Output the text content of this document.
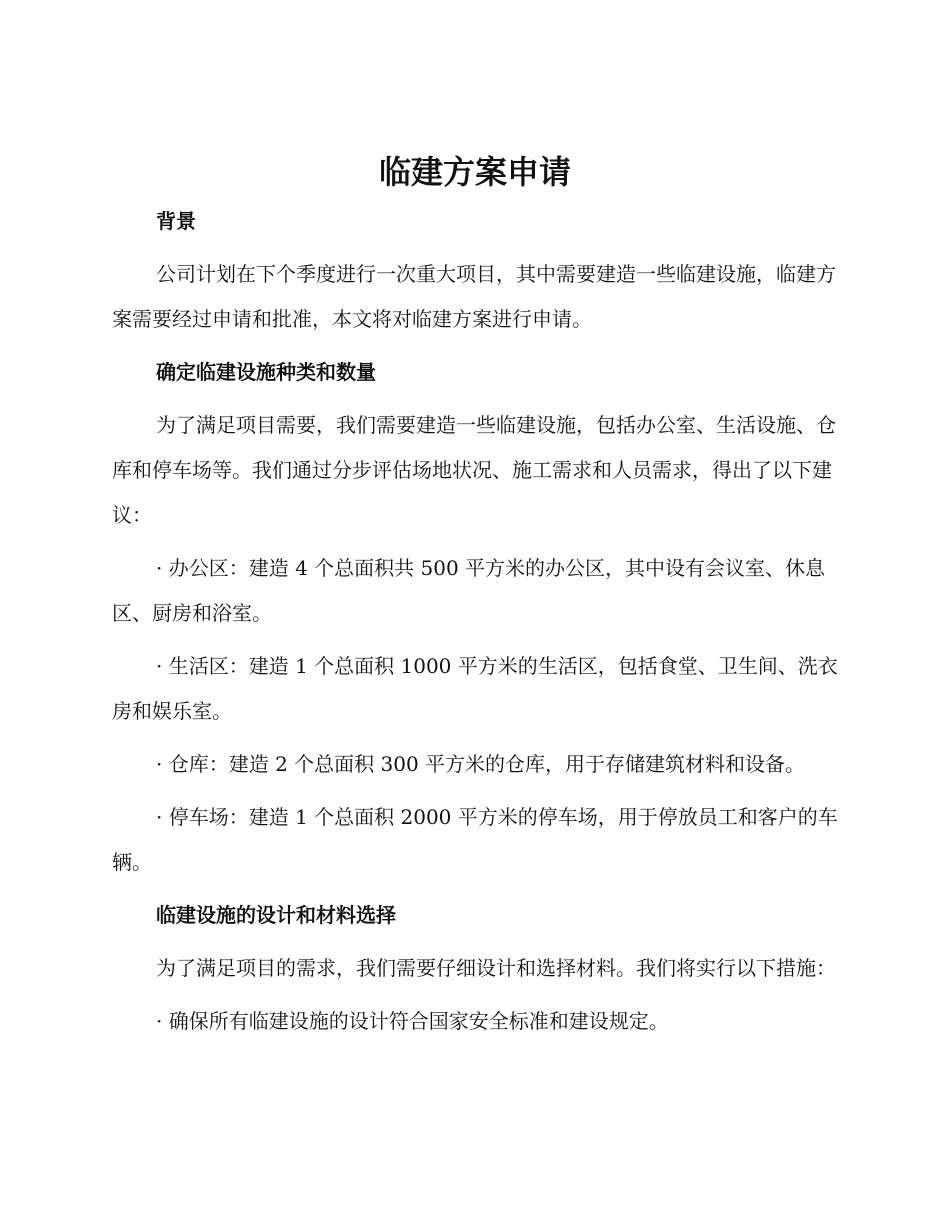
临建方案申请
背景

公司计划在下个季度进行一次重大项目，其中需要建造一些临建设施，临建方案需要经过申请和批准，本文将对临建方案进行申请。

确定临建设施种类和数量

为了满足项目需要，我们需要建造一些临建设施，包括办公室、生活设施、仓库和停车场等。我们通过分步评估场地状况、施工需求和人员需求，得出了以下建议：

· 办公区：建造 4 个总面积共 500 平方米的办公区，其中设有会议室、休息区、厨房和浴室。

· 生活区：建造 1 个总面积 1000 平方米的生活区，包括食堂、卫生间、洗衣房和娱乐室。

· 仓库：建造 2 个总面积 300 平方米的仓库，用于存储建筑材料和设备。

· 停车场：建造 1 个总面积 2000 平方米的停车场，用于停放员工和客户的车辆。

临建设施的设计和材料选择

为了满足项目的需求，我们需要仔细设计和选择材料。我们将实行以下措施：

· 确保所有临建设施的设计符合国家安全标准和建设规定。
